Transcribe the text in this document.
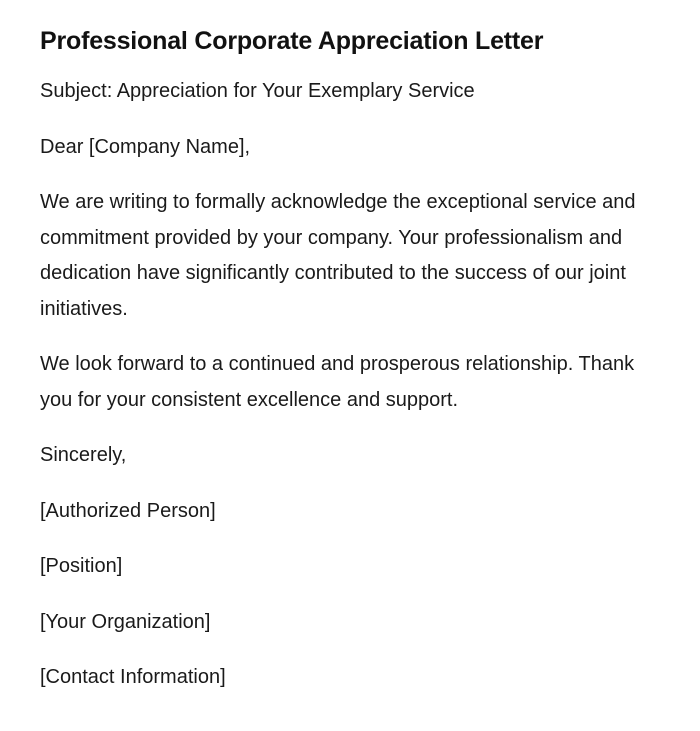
Professional Corporate Appreciation Letter

Subject: Appreciation for Your Exemplary Service

Dear [Company Name],

We are writing to formally acknowledge the exceptional service and commitment provided by your company. Your professionalism and dedication have significantly contributed to the success of our joint initiatives.

We look forward to a continued and prosperous relationship. Thank you for your consistent excellence and support.

Sincerely,

[Authorized Person]

[Position]

[Your Organization]

[Contact Information]
